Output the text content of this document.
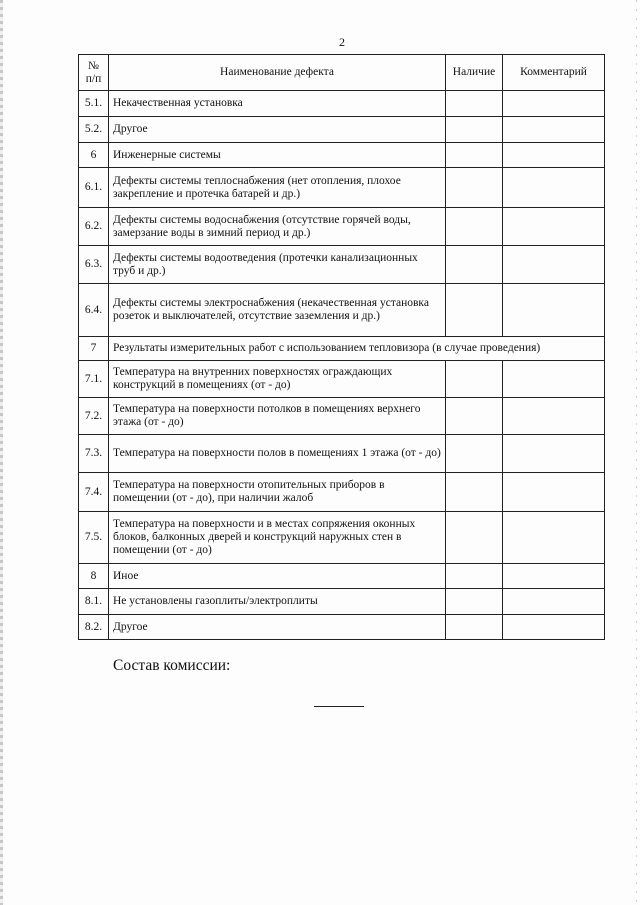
2
№
п/п	Наименование дефекта	Наличие	Комментарий
5.1.	Некачественная установка		
5.2.	Другое		
6	Инженерные системы		
6.1.	Дефекты системы теплоснабжения (нет отопления, плохое закрепление и протечка батарей и др.)		
6.2.	Дефекты системы водоснабжения (отсутствие горячей воды, замерзание воды в зимний период и др.)		
6.3.	Дефекты системы водоотведения (протечки канализационных труб и др.)		
6.4.	Дефекты системы электроснабжения (некачественная установка розеток и выключателей, отсутствие заземления и др.)		
7	Результаты измерительных работ с использованием тепловизора (в случае проведения)		
7.1.	Температура на внутренних поверхностях ограждающих конструкций в помещениях (от - до)		
7.2.	Температура на поверхности потолков в помещениях верхнего этажа (от - до)		
7.3.	Температура на поверхности полов в помещениях 1 этажа (от - до)		
7.4.	Температура на поверхности отопительных приборов в помещении (от - до), при наличии жалоб		
7.5.	Температура на поверхности и в местах сопряжения оконных блоков, балконных дверей и конструкций наружных стен в помещении (от - до)		
8	Иное		
8.1.	Не установлены газоплиты/электроплиты		
8.2.	Другое		
Состав комиссии:
